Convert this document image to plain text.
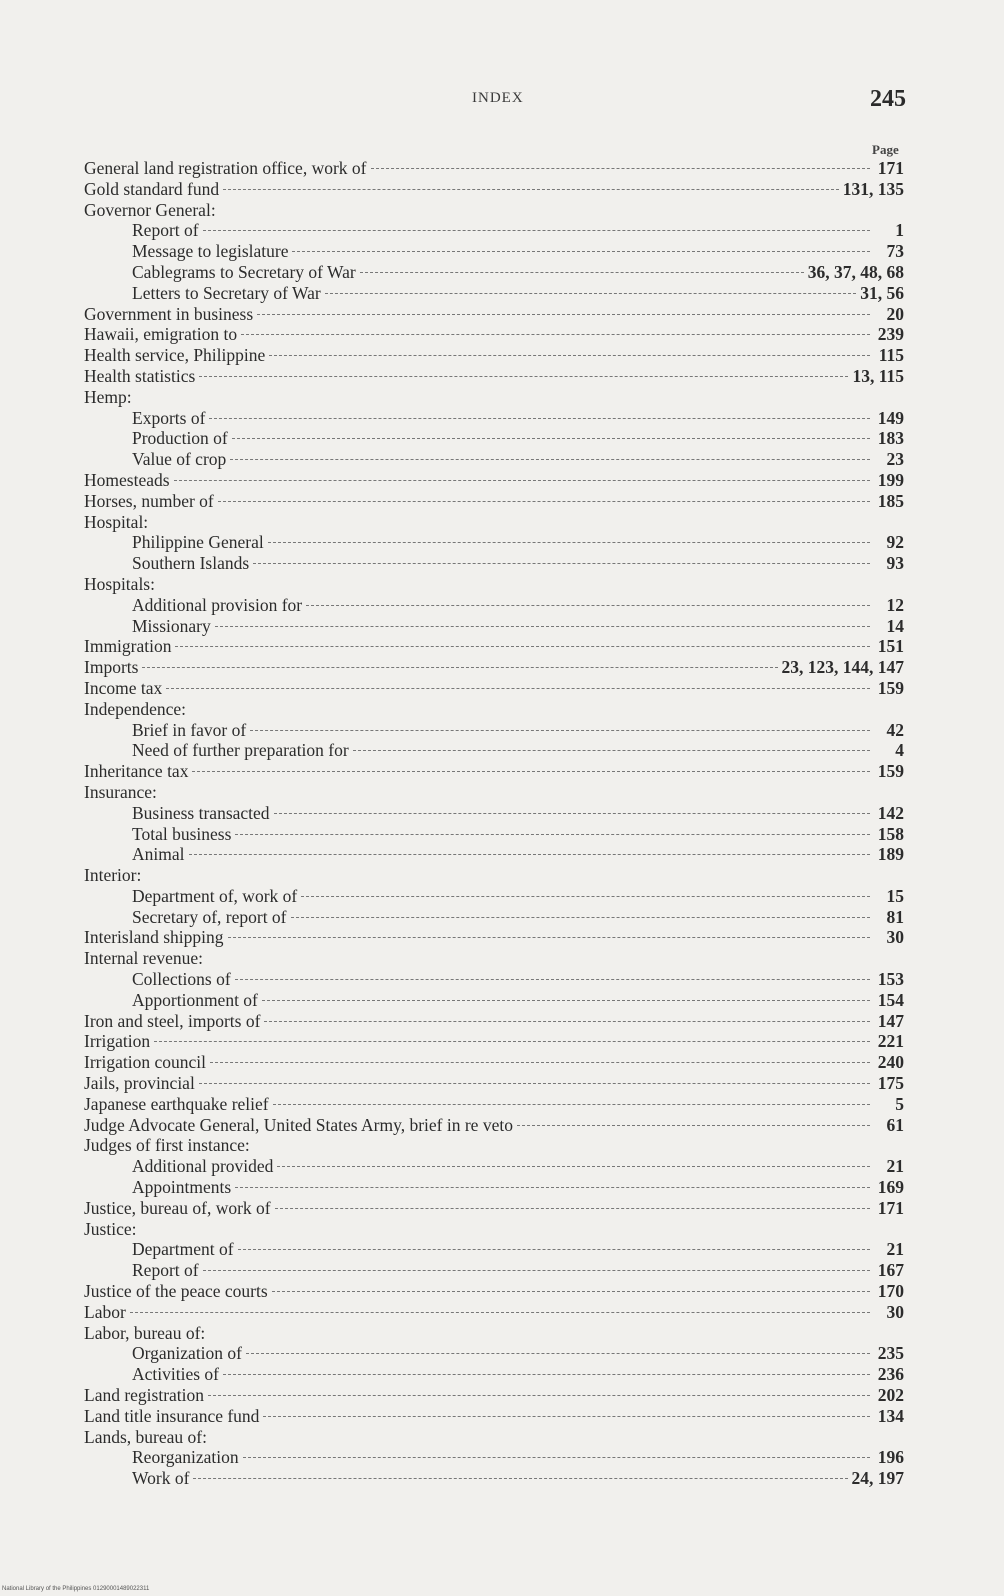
INDEX	245
Page
General land registration office, work of	171
Gold standard fund	131, 135
Governor General:
Report of	1
Message to legislature	73
Cablegrams to Secretary of War	36, 37, 48, 68
Letters to Secretary of War	31, 56
Government in business	20
Hawaii, emigration to	239
Health service, Philippine	115
Health statistics	13, 115
Hemp:
Exports of	149
Production of	183
Value of crop	23
Homesteads	199
Horses, number of	185
Hospital:
Philippine General	92
Southern Islands	93
Hospitals:
Additional provision for	12
Missionary	14
Immigration	151
Imports	23, 123, 144, 147
Income tax	159
Independence:
Brief in favor of	42
Need of further preparation for	4
Inheritance tax	159
Insurance:
Business transacted	142
Total business	158
Animal	189
Interior:
Department of, work of	15
Secretary of, report of	81
Interisland shipping	30
Internal revenue:
Collections of	153
Apportionment of	154
Iron and steel, imports of	147
Irrigation	221
Irrigation council	240
Jails, provincial	175
Japanese earthquake relief	5
Judge Advocate General, United States Army, brief in re veto	61
Judges of first instance:
Additional provided	21
Appointments	169
Justice, bureau of, work of	171
Justice:
Department of	21
Report of	167
Justice of the peace courts	170
Labor	30
Labor, bureau of:
Organization of	235
Activities of	236
Land registration	202
Land title insurance fund	134
Lands, bureau of:
Reorganization	196
Work of	24, 197
National Library of the Philippines 01290001489022311
